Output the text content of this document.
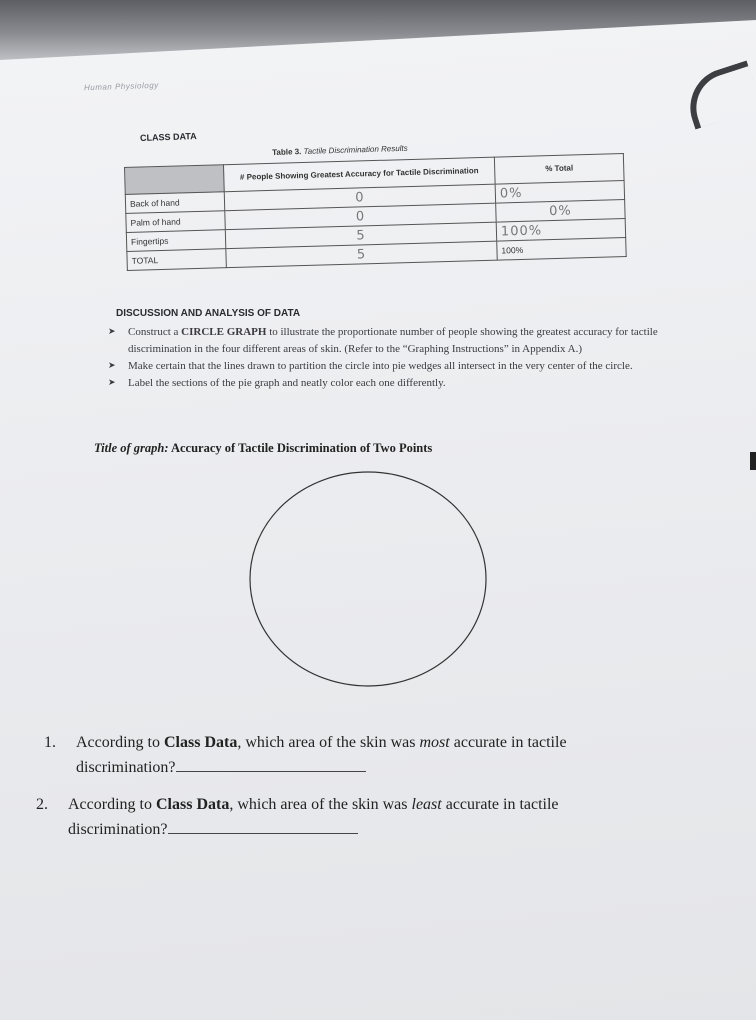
Human Physiology
CLASS DATA
Table 3. Tactile Discrimination Results
	# People Showing Greatest Accuracy for Tactile Discrimination	% Total
Back of hand	0	0%
Palm of hand	0	0%
Fingertips	5	100%
TOTAL	5	100%
DISCUSSION AND ANALYSIS OF DATA

➤ Construct a CIRCLE GRAPH to illustrate the proportionate number of people showing the greatest accuracy for tactile discrimination in the four different areas of skin. (Refer to the “Graphing Instructions” in Appendix A.)

➤ Make certain that the lines drawn to partition the circle into pie wedges all intersect in the very center of the circle.

➤ Label the sections of the pie graph and neatly color each one differently.

Title of graph: Accuracy of Tactile Discrimination of Two Points
1. According to Class Data, which area of the skin was most accurate in tactile
discrimination?
2. According to Class Data, which area of the skin was least accurate in tactile
discrimination?
